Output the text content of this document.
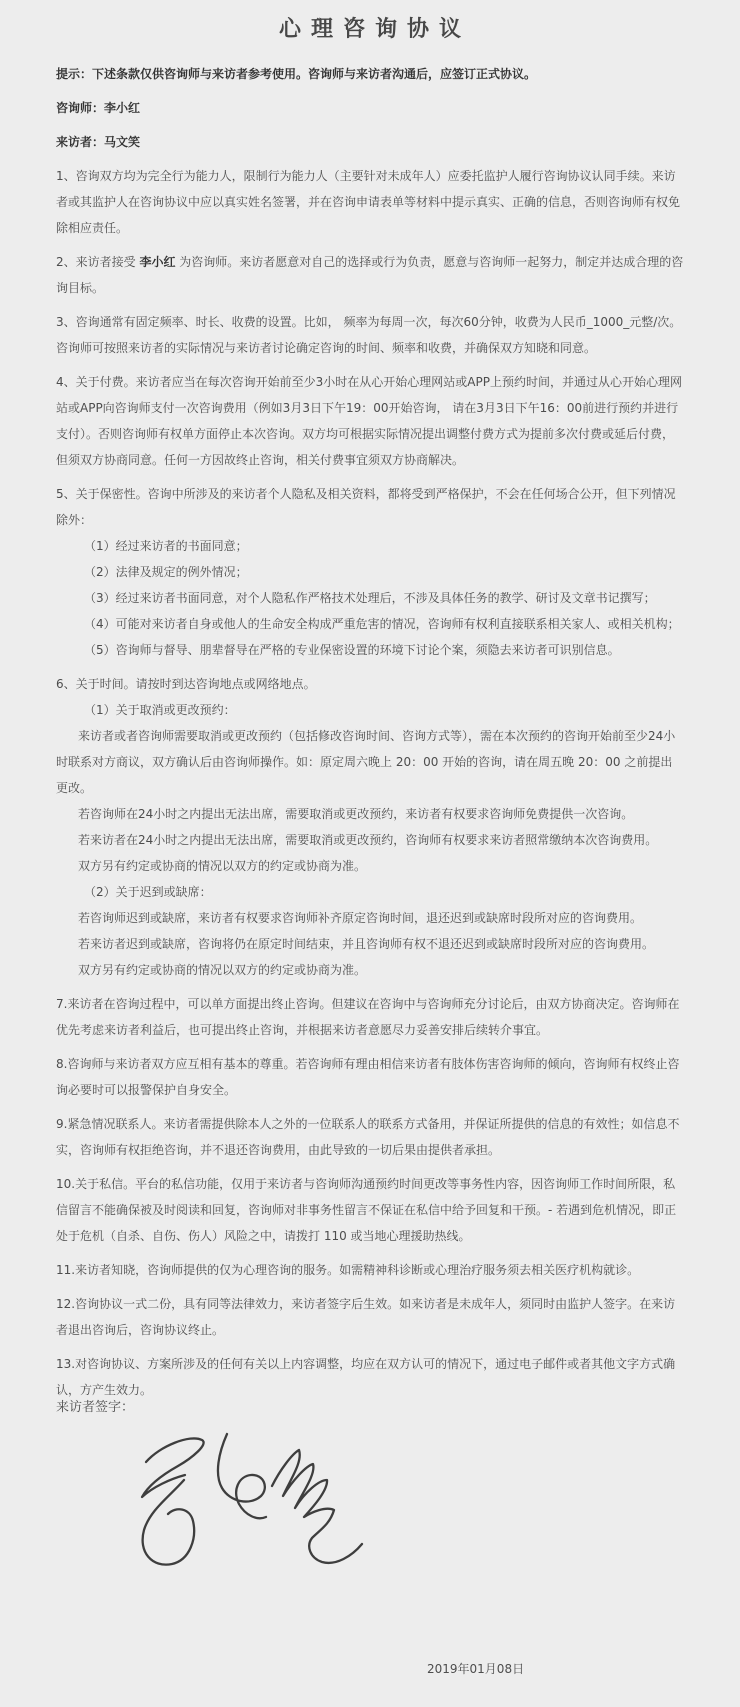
心理咨询协议

提示：下述条款仅供咨询师与来访者参考使用。咨询师与来访者沟通后，应签订正式协议。

咨询师：李小红

来访者：马文笑

1、咨询双方均为完全行为能力人，限制行为能力人（主要针对未成年人）应委托监护人履行咨询协议认同手续。来访者或其监护人在咨询协议中应以真实姓名签署，并在咨询申请表单等材料中提示真实、正确的信息，否则咨询师有权免除相应责任。

2、来访者接受 李小红 为咨询师。来访者愿意对自己的选择或行为负责，愿意与咨询师一起努力，制定并达成合理的咨询目标。

3、咨询通常有固定频率、时长、收费的设置。比如， 频率为每周一次，每次60分钟，收费为人民币_1000_元整/次。咨询师可按照来访者的实际情况与来访者讨论确定咨询的时间、频率和收费，并确保双方知晓和同意。

4、关于付费。来访者应当在每次咨询开始前至少3小时在从心开始心理网站或APP上预约时间，并通过从心开始心理网站或APP向咨询师支付一次咨询费用（例如3月3日下午19：00开始咨询， 请在3月3日下午16：00前进行预约并进行支付）。否则咨询师有权单方面停止本次咨询。双方均可根据实际情况提出调整付费方式为提前多次付费或延后付费，但须双方协商同意。任何一方因故终止咨询，相关付费事宜须双方协商解决。

5、关于保密性。咨询中所涉及的来访者个人隐私及相关资料，都将受到严格保护，不会在任何场合公开，但下列情况除外：

（1）经过来访者的书面同意；

（2）法律及规定的例外情况；

（3）经过来访者书面同意，对个人隐私作严格技术处理后，不涉及具体任务的教学、研讨及文章书记撰写；

（4）可能对来访者自身或他人的生命安全构成严重危害的情况，咨询师有权利直接联系相关家人、或相关机构；

（5）咨询师与督导、朋辈督导在严格的专业保密设置的环境下讨论个案，须隐去来访者可识别信息。

6、关于时间。请按时到达咨询地点或网络地点。

（1）关于取消或更改预约：

来访者或者咨询师需要取消或更改预约（包括修改咨询时间、咨询方式等），需在本次预约的咨询开始前至少24小时联系对方商议，双方确认后由咨询师操作。如：原定周六晚上 20：00 开始的咨询，请在周五晚 20：00 之前提出更改。

若咨询师在24小时之内提出无法出席，需要取消或更改预约，来访者有权要求咨询师免费提供一次咨询。

若来访者在24小时之内提出无法出席，需要取消或更改预约，咨询师有权要求来访者照常缴纳本次咨询费用。

双方另有约定或协商的情况以双方的约定或协商为准。

（2）关于迟到或缺席：

若咨询师迟到或缺席，来访者有权要求咨询师补齐原定咨询时间，退还迟到或缺席时段所对应的咨询费用。

若来访者迟到或缺席，咨询将仍在原定时间结束，并且咨询师有权不退还迟到或缺席时段所对应的咨询费用。

双方另有约定或协商的情况以双方的约定或协商为准。

7.来访者在咨询过程中，可以单方面提出终止咨询。但建议在咨询中与咨询师充分讨论后，由双方协商决定。咨询师在优先考虑来访者利益后，也可提出终止咨询，并根据来访者意愿尽力妥善安排后续转介事宜。

8.咨询师与来访者双方应互相有基本的尊重。若咨询师有理由相信来访者有肢体伤害咨询师的倾向，咨询师有权终止咨询必要时可以报警保护自身安全。

9.紧急情况联系人。来访者需提供除本人之外的一位联系人的联系方式备用，并保证所提供的信息的有效性；如信息不实，咨询师有权拒绝咨询，并不退还咨询费用，由此导致的一切后果由提供者承担。

10.关于私信。平台的私信功能，仅用于来访者与咨询师沟通预约时间更改等事务性内容，因咨询师工作时间所限，私信留言不能确保被及时阅读和回复，咨询师对非事务性留言不保证在私信中给予回复和干预。- 若遇到危机情况，即正处于危机（自杀、自伤、伤人）风险之中，请拨打 110 或当地心理援助热线。

11.来访者知晓，咨询师提供的仅为心理咨询的服务。如需精神科诊断或心理治疗服务须去相关医疗机构就诊。

12.咨询协议一式二份，具有同等法律效力，来访者签字后生效。如来访者是未成年人，须同时由监护人签字。在来访者退出咨询后，咨询协议终止。

13.对咨询协议、方案所涉及的任何有关以上内容调整，均应在双方认可的情况下，通过电子邮件或者其他文字方式确认，方产生效力。

来访者签字：
2019年01月08日
